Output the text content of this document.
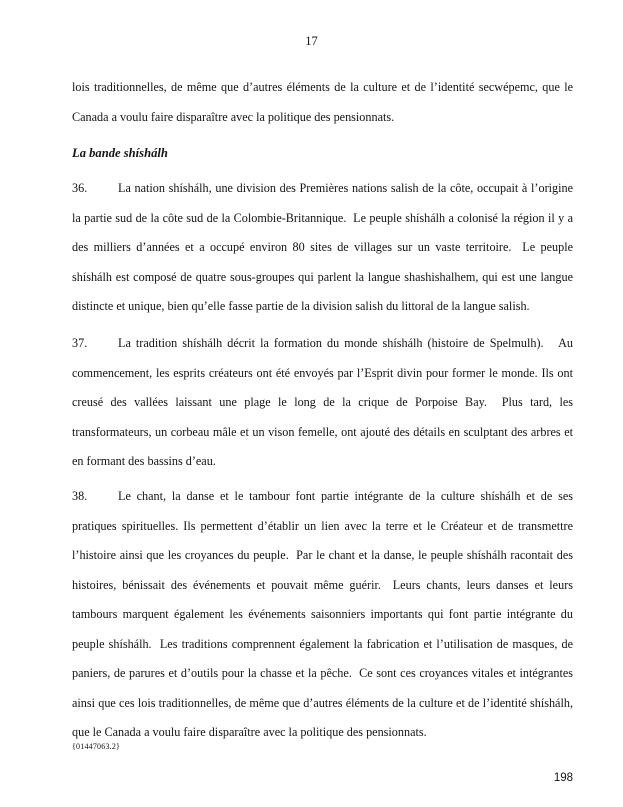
17

lois traditionnelles, de même que d’autres éléments de la culture et de l’identité secwépemc, que le Canada a voulu faire disparaître avec la politique des pensionnats.

La bande shíshálh

36.	La nation shíshálh, une division des Premières nations salish de la côte, occupait à l’origine la partie sud de la côte sud de la Colombie-Britannique.  Le peuple shíshálh a colonisé la région il y a des milliers d’années et a occupé environ 80 sites de villages sur un vaste territoire.  Le peuple shíshálh est composé de quatre sous-groupes qui parlent la langue shashishalhem, qui est une langue distincte et unique, bien qu’elle fasse partie de la division salish du littoral de la langue salish.

37.	La tradition shíshálh décrit la formation du monde shíshálh (histoire de Spelmulh).   Au commencement, les esprits créateurs ont été envoyés par l’Esprit divin pour former le monde. Ils ont creusé des vallées laissant une plage le long de la crique de Porpoise Bay.  Plus tard, les transformateurs, un corbeau mâle et un vison femelle, ont ajouté des détails en sculptant des arbres et en formant des bassins d’eau.

38.	Le chant, la danse et le tambour font partie intégrante de la culture shíshálh et de ses pratiques spirituelles. Ils permettent d’établir un lien avec la terre et le Créateur et de transmettre l’histoire ainsi que les croyances du peuple.  Par le chant et la danse, le peuple shíshálh racontait des histoires, bénissait des événements et pouvait même guérir.  Leurs chants, leurs danses et leurs tambours marquent également les événements saisonniers importants qui font partie intégrante du peuple shíshálh.  Les traditions comprennent également la fabrication et l’utilisation de masques, de paniers, de parures et d’outils pour la chasse et la pêche.  Ce sont ces croyances vitales et intégrantes ainsi que ces lois traditionnelles, de même que d’autres éléments de la culture et de l’identité shíshálh, que le Canada a voulu faire disparaître avec la politique des pensionnats.

{01447063.2}
198
